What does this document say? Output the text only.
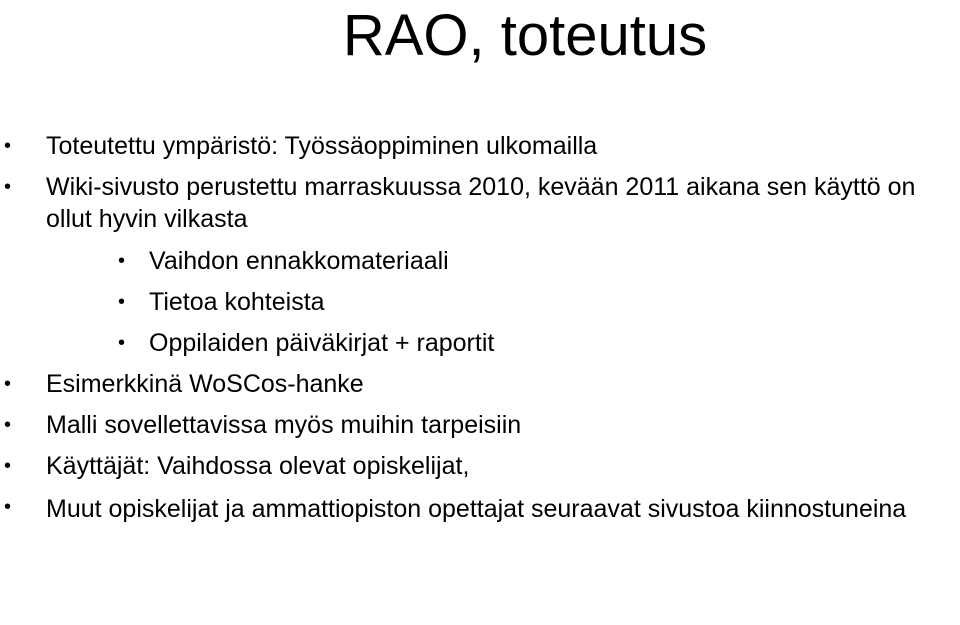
RAO, toteutus
• Toteutettu ympäristö: Työssäoppiminen ulkomailla
• Wiki-sivusto perustettu marraskuussa 2010, kevään 2011 aikana sen käyttö on ollut hyvin vilkasta
• Vaihdon ennakkomateriaali
• Tietoa kohteista
• Oppilaiden päiväkirjat + raportit
• Esimerkkinä WoSCos-hanke
• Malli sovellettavissa myös muihin tarpeisiin
• Käyttäjät: Vaihdossa olevat opiskelijat,
• Muut opiskelijat ja ammattiopiston opettajat seuraavat sivustoa kiinnostuneina
